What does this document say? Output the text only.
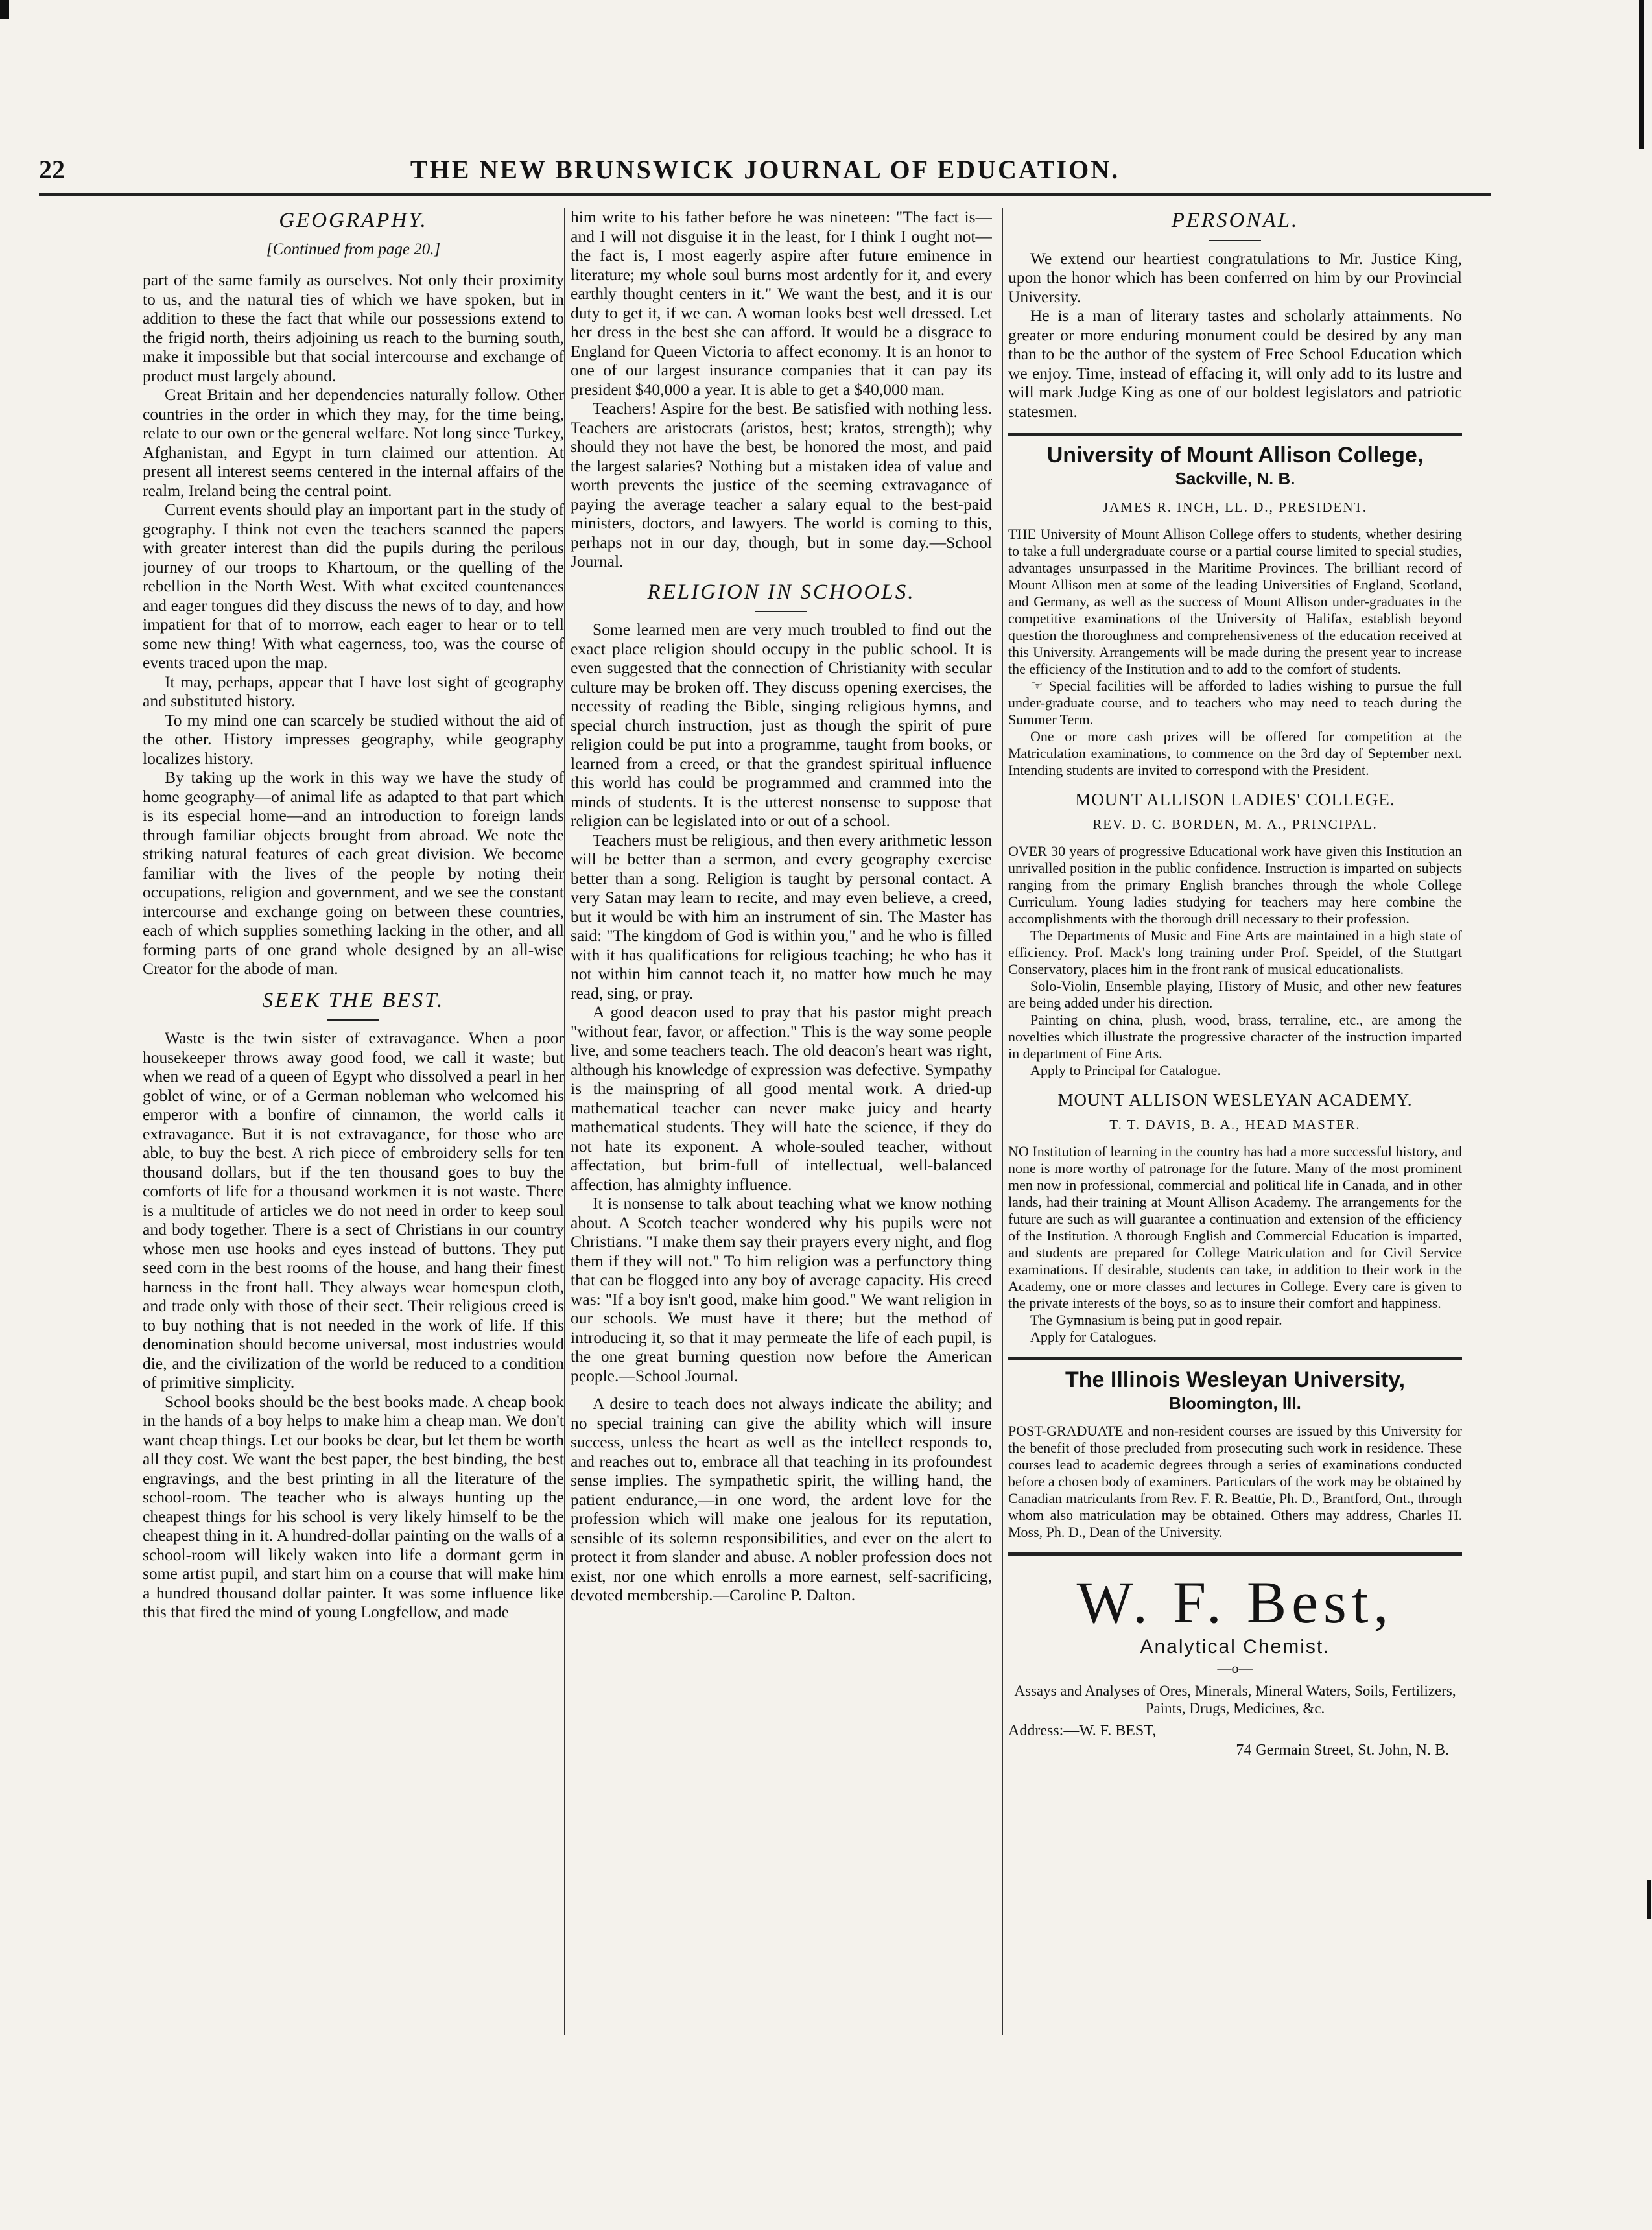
22	THE NEW BRUNSWICK JOURNAL OF EDUCATION.
GEOGRAPHY.
[Continued from page 20.]

part of the same family as ourselves. Not only their proximity to us, and the natural ties of which we have spoken, but in addition to these the fact that while our possessions extend to the frigid north, theirs adjoining us reach to the burning south, make it impossible but that social intercourse and exchange of product must largely abound.

Great Britain and her dependencies naturally follow. Other countries in the order in which they may, for the time being, relate to our own or the general welfare. Not long since Turkey, Afghanistan, and Egypt in turn claimed our attention. At present all interest seems centered in the internal affairs of the realm, Ireland being the central point.

Current events should play an important part in the study of geography. I think not even the teachers scanned the papers with greater interest than did the pupils during the perilous journey of our troops to Khartoum, or the quelling of the rebellion in the North West. With what excited countenances and eager tongues did they discuss the news of to day, and how impatient for that of to morrow, each eager to hear or to tell some new thing! With what eagerness, too, was the course of events traced upon the map.

It may, perhaps, appear that I have lost sight of geography and substituted history.

To my mind one can scarcely be studied without the aid of the other. History impresses geography, while geography localizes history.

By taking up the work in this way we have the study of home geography—of animal life as adapted to that part which is its especial home—and an introduction to foreign lands through familiar objects brought from abroad. We note the striking natural features of each great division. We become familiar with the lives of the people by noting their occupations, religion and government, and we see the constant intercourse and exchange going on between these countries, each of which supplies something lacking in the other, and all forming parts of one grand whole designed by an all-wise Creator for the abode of man.

SEEK THE BEST.

Waste is the twin sister of extravagance. When a poor housekeeper throws away good food, we call it waste; but when we read of a queen of Egypt who dissolved a pearl in her goblet of wine, or of a German nobleman who welcomed his emperor with a bonfire of cinnamon, the world calls it extravagance. But it is not extravagance, for those who are able, to buy the best. A rich piece of embroidery sells for ten thousand dollars, but if the ten thousand goes to buy the comforts of life for a thousand workmen it is not waste. There is a multitude of articles we do not need in order to keep soul and body together. There is a sect of Christians in our country whose men use hooks and eyes instead of buttons. They put seed corn in the best rooms of the house, and hang their finest harness in the front hall. They always wear homespun cloth, and trade only with those of their sect. Their religious creed is to buy nothing that is not needed in the work of life. If this denomination should become universal, most industries would die, and the civilization of the world be reduced to a condition of primitive simplicity.

School books should be the best books made. A cheap book in the hands of a boy helps to make him a cheap man. We don't want cheap things. Let our books be dear, but let them be worth all they cost. We want the best paper, the best binding, the best engravings, and the best printing in all the literature of the school-room. The teacher who is always hunting up the cheapest things for his school is very likely himself to be the cheapest thing in it. A hundred-dollar painting on the walls of a school-room will likely waken into life a dormant germ in some artist pupil, and start him on a course that will make him a hundred thousand dollar painter. It was some influence like this that fired the mind of young Longfellow, and made

him write to his father before he was nineteen: "The fact is—and I will not disguise it in the least, for I think I ought not—the fact is, I most eagerly aspire after future eminence in literature; my whole soul burns most ardently for it, and every earthly thought centers in it." We want the best, and it is our duty to get it, if we can. A woman looks best well dressed. Let her dress in the best she can afford. It would be a disgrace to England for Queen Victoria to affect economy. It is an honor to one of our largest insurance companies that it can pay its president $40,000 a year. It is able to get a $40,000 man.

Teachers! Aspire for the best. Be satisfied with nothing less. Teachers are aristocrats (aristos, best; kratos, strength); why should they not have the best, be honored the most, and paid the largest salaries? Nothing but a mistaken idea of value and worth prevents the justice of the seeming extravagance of paying the average teacher a salary equal to the best-paid ministers, doctors, and lawyers. The world is coming to this, perhaps not in our day, though, but in some day.—School Journal.

RELIGION IN SCHOOLS.

Some learned men are very much troubled to find out the exact place religion should occupy in the public school. It is even suggested that the connection of Christianity with secular culture may be broken off. They discuss opening exercises, the necessity of reading the Bible, singing religious hymns, and special church instruction, just as though the spirit of pure religion could be put into a programme, taught from books, or learned from a creed, or that the grandest spiritual influence this world has could be programmed and crammed into the minds of students. It is the utterest nonsense to suppose that religion can be legislated into or out of a school.

Teachers must be religious, and then every arithmetic lesson will be better than a sermon, and every geography exercise better than a song. Religion is taught by personal contact. A very Satan may learn to recite, and may even believe, a creed, but it would be with him an instrument of sin. The Master has said: "The kingdom of God is within you," and he who is filled with it has qualifications for religious teaching; he who has it not within him cannot teach it, no matter how much he may read, sing, or pray.

A good deacon used to pray that his pastor might preach "without fear, favor, or affection." This is the way some people live, and some teachers teach. The old deacon's heart was right, although his knowledge of expression was defective. Sympathy is the mainspring of all good mental work. A dried-up mathematical teacher can never make juicy and hearty mathematical students. They will hate the science, if they do not hate its exponent. A whole-souled teacher, without affectation, but brim-full of intellectual, well-balanced affection, has almighty influence.

It is nonsense to talk about teaching what we know nothing about. A Scotch teacher wondered why his pupils were not Christians. "I make them say their prayers every night, and flog them if they will not." To him religion was a perfunctory thing that can be flogged into any boy of average capacity. His creed was: "If a boy isn't good, make him good." We want religion in our schools. We must have it there; but the method of introducing it, so that it may permeate the life of each pupil, is the one great burning question now before the American people.—School Journal.

A desire to teach does not always indicate the ability; and no special training can give the ability which will insure success, unless the heart as well as the intellect responds to, and reaches out to, embrace all that teaching in its profoundest sense implies. The sympathetic spirit, the willing hand, the patient endurance,—in one word, the ardent love for the profession which will make one jealous for its reputation, sensible of its solemn responsibilities, and ever on the alert to protect it from slander and abuse. A nobler profession does not exist, nor one which enrolls a more earnest, self-sacrificing, devoted membership.—Caroline P. Dalton.

PERSONAL.

We extend our heartiest congratulations to Mr. Justice King, upon the honor which has been conferred on him by our Provincial University.

He is a man of literary tastes and scholarly attainments. No greater or more enduring monument could be desired by any man than to be the author of the system of Free School Education which we enjoy. Time, instead of effacing it, will only add to its lustre and will mark Judge King as one of our boldest legislators and patriotic statesmen.

University of Mount Allison College,
Sackville, N. B.
JAMES R. INCH, LL. D., PRESIDENT.

THE University of Mount Allison College offers to students, whether desiring to take a full undergraduate course or a partial course limited to special studies, advantages unsurpassed in the Maritime Provinces. The brilliant record of Mount Allison men at some of the leading Universities of England, Scotland, and Germany, as well as the success of Mount Allison under-graduates in the competitive examinations of the University of Halifax, establish beyond question the thoroughness and comprehensiveness of the education received at this University. Arrangements will be made during the present year to increase the efficiency of the Institution and to add to the comfort of students.

☞ Special facilities will be afforded to ladies wishing to pursue the full under-graduate course, and to teachers who may need to teach during the Summer Term.

One or more cash prizes will be offered for competition at the Matriculation examinations, to commence on the 3rd day of September next. Intending students are invited to correspond with the President.

MOUNT ALLISON LADIES' COLLEGE.
REV. D. C. BORDEN, M. A., PRINCIPAL.

OVER 30 years of progressive Educational work have given this Institution an unrivalled position in the public confidence. Instruction is imparted on subjects ranging from the primary English branches through the whole College Curriculum. Young ladies studying for teachers may here combine the accomplishments with the thorough drill necessary to their profession.

The Departments of Music and Fine Arts are maintained in a high state of efficiency. Prof. Mack's long training under Prof. Speidel, of the Stuttgart Conservatory, places him in the front rank of musical educationalists.

Solo-Violin, Ensemble playing, History of Music, and other new features are being added under his direction.

Painting on china, plush, wood, brass, terraline, etc., are among the novelties which illustrate the progressive character of the instruction imparted in department of Fine Arts.

Apply to Principal for Catalogue.

MOUNT ALLISON WESLEYAN ACADEMY.
T. T. DAVIS, B. A., HEAD MASTER.

NO Institution of learning in the country has had a more successful history, and none is more worthy of patronage for the future. Many of the most prominent men now in professional, commercial and political life in Canada, and in other lands, had their training at Mount Allison Academy. The arrangements for the future are such as will guarantee a continuation and extension of the efficiency of the Institution. A thorough English and Commercial Education is imparted, and students are prepared for College Matriculation and for Civil Service examinations. If desirable, students can take, in addition to their work in the Academy, one or more classes and lectures in College. Every care is given to the private interests of the boys, so as to insure their comfort and happiness.

The Gymnasium is being put in good repair.

Apply for Catalogues.

The Illinois Wesleyan University,
Bloomington, Ill.

POST-GRADUATE and non-resident courses are issued by this University for the benefit of those precluded from prosecuting such work in residence. These courses lead to academic degrees through a series of examinations conducted before a chosen body of examiners. Particulars of the work may be obtained by Canadian matriculants from Rev. F. R. Beattie, Ph. D., Brantford, Ont., through whom also matriculation may be obtained. Others may address, Charles H. Moss, Ph. D., Dean of the University.

W. F. Best,
Analytical Chemist.
—o—
Assays and Analyses of Ores, Minerals, Mineral Waters, Soils, Fertilizers, Paints, Drugs, Medicines, &c.
Address:—W. F. BEST,
74 Germain Street, St. John, N. B.
